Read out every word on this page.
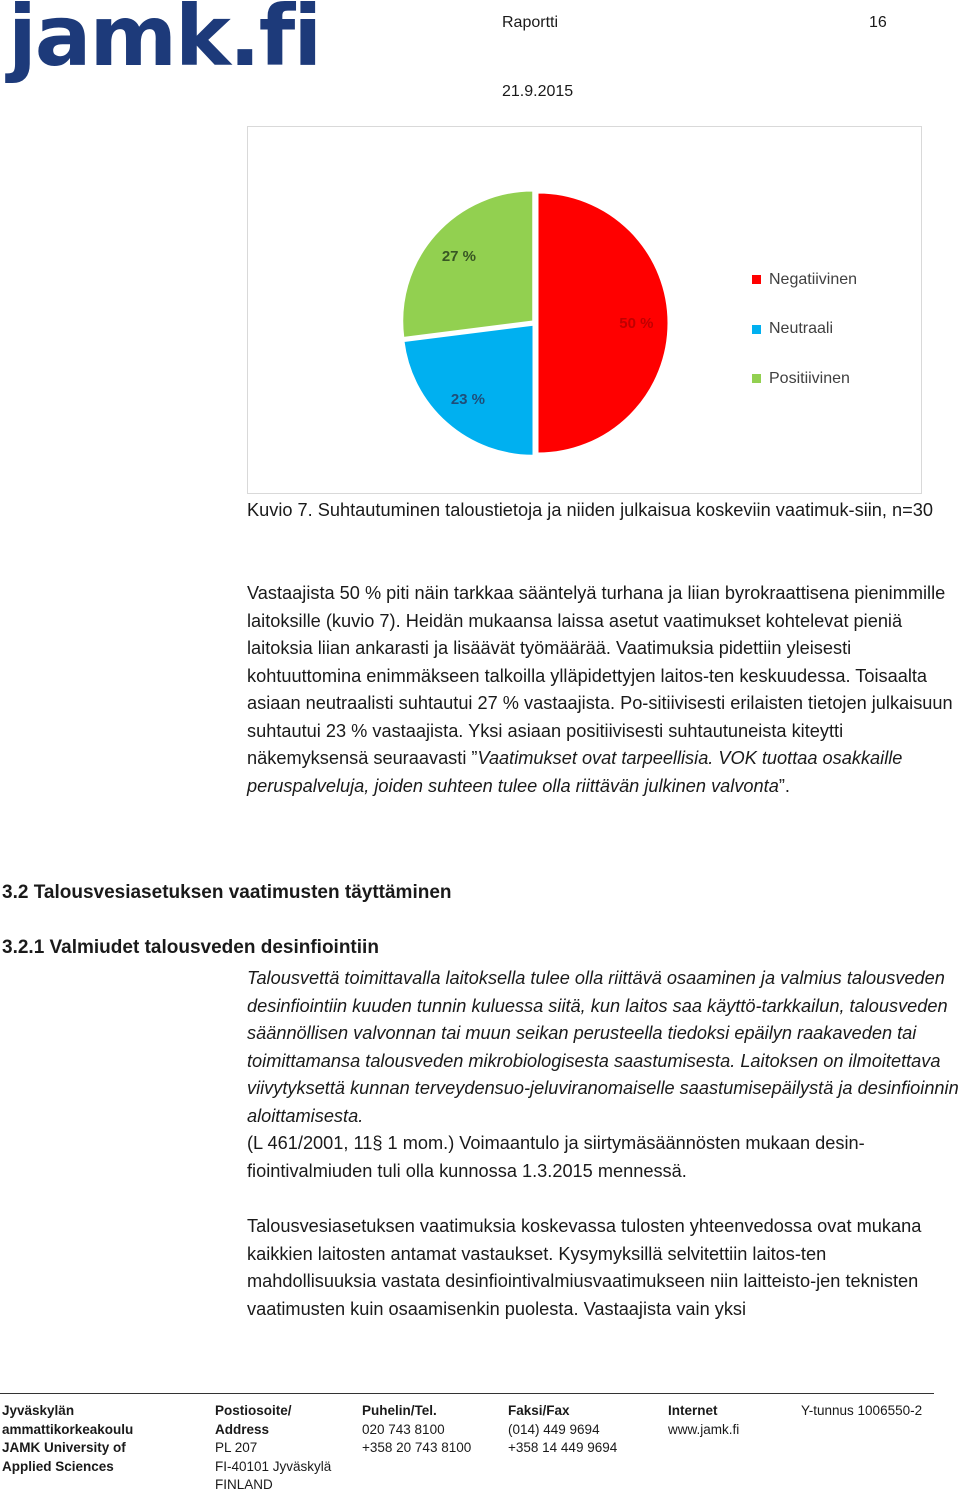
jamk.fi	Raportti	16
21.9.2015
50 %
23 %
27 %
Negatiivinen
Neutraali
Positiivinen
Kuvio 7. Suhtautuminen taloustietoja ja niiden julkaisua koskeviin vaatimuk-siin, n=30

Vastaajista 50 % piti näin tarkkaa sääntelyä turhana ja liian byrokraattisena pienimmille laitoksille (kuvio 7). Heidän mukaansa laissa asetut vaatimukset kohtelevat pieniä laitoksia liian ankarasti ja lisäävät työmäärää. Vaatimuksia pidettiin yleisesti kohtuuttomina enimmäkseen talkoilla ylläpidettyjen laitos-ten keskuudessa. Toisaalta asiaan neutraalisti suhtautui 27 % vastaajista. Po-sitiivisesti erilaisten tietojen julkaisuun suhtautui 23 % vastaajista. Yksi asiaan positiivisesti suhtautuneista kiteytti näkemyksensä seuraavasti ”Vaatimukset ovat tarpeellisia. VOK tuottaa osakkaille peruspalveluja, joiden suhteen tulee olla riittävän julkinen valvonta”.

3.2 Talousvesiasetuksen vaatimusten täyttäminen
3.2.1 Valmiudet talousveden desinfiointiin

Talousvettä toimittavalla laitoksella tulee olla riittävä osaaminen ja valmius talousveden desinfiointiin kuuden tunnin kuluessa siitä, kun laitos saa käyttö-tarkkailun, talousveden säännöllisen valvonnan tai muun seikan perusteella tiedoksi epäilyn raakaveden tai toimittamansa talousveden mikrobiologisesta saastumisesta. Laitoksen on ilmoitettava viivytyksettä kunnan terveydensuo-jeluviranomaiselle saastumisepäilystä ja desinfioinnin aloittamisesta.

(L 461/2001, 11§ 1 mom.) Voimaantulo ja siirtymäsäännösten mukaan desin-fiointivalmiuden tuli olla kunnossa 1.3.2015 mennessä.

Talousvesiasetuksen vaatimuksia koskevassa tulosten yhteenvedossa ovat mukana kaikkien laitosten antamat vastaukset. Kysymyksillä selvitettiin laitos-ten mahdollisuuksia vastata desinfiointivalmiusvaatimukseen niin laitteisto-jen teknisten vaatimusten kuin osaamisenkin puolesta. Vastaajista vain yksi
Jyväskylän
ammattikorkeakoulu
JAMK University of
Applied Sciences
Postiosoite/
Address
PL 207
FI-40101 Jyväskylä
FINLAND
Puhelin/Tel.
020 743 8100
+358 20 743 8100
Faksi/Fax
(014) 449 9694
+358 14 449 9694
Internet
www.jamk.fi
Y-tunnus 1006550-2
